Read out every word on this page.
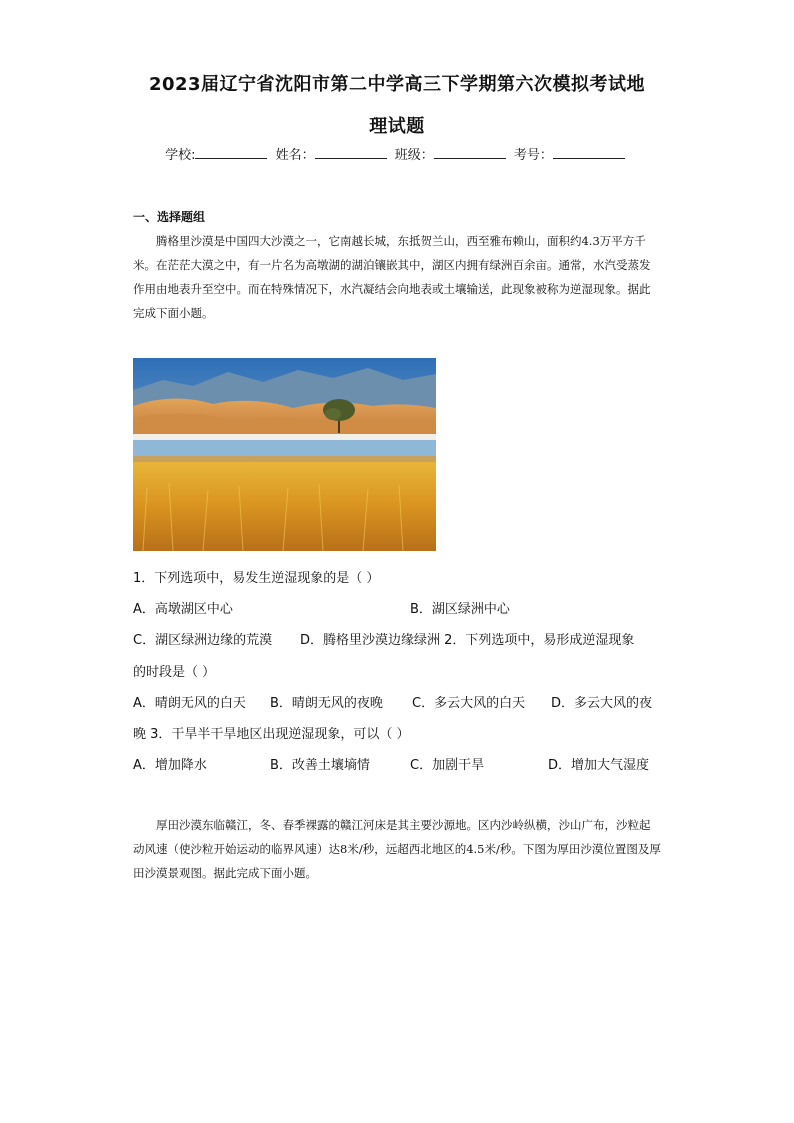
2023届辽宁省沈阳市第二中学高三下学期第六次模拟考试地
理试题
学校:	姓名：	班级：	考号：
一、选择题组

腾格里沙漠是中国四大沙漠之一，它南越长城，东抵贺兰山，西至雅布赖山，面积约4.3万平方千米。在茫茫大漠之中，有一片名为高墩湖的湖泊镶嵌其中，湖区内拥有绿洲百余亩。通常，水汽受蒸发作用由地表升至空中。而在特殊情况下，水汽凝结会向地表或土壤输送，此现象被称为逆湿现象。据此完成下面小题。

1．下列选项中，易发生逆湿现象的是（ ）
A．高墩湖区中心	B．湖区绿洲中心
C．湖区绿洲边缘的荒漠 D．腾格里沙漠边缘绿洲 2．下列选项中，易形成逆湿现象
的时段是（ ）
A．晴朗无风的白天 B．晴朗无风的夜晚 C．多云大风的白天 D．多云大风的夜
晚 3．干旱半干旱地区出现逆湿现象，可以（ ）
A．增加降水	B．改善土壤墒情	C．加剧干旱	D．增加大气湿度

厚田沙漠东临赣江，冬、春季裸露的赣江河床是其主要沙源地。区内沙岭纵横，沙山广布，沙粒起动风速（使沙粒开始运动的临界风速）达8米/秒，远超西北地区的4.5米/秒。下图为厚田沙漠位置图及厚田沙漠景观图。据此完成下面小题。
